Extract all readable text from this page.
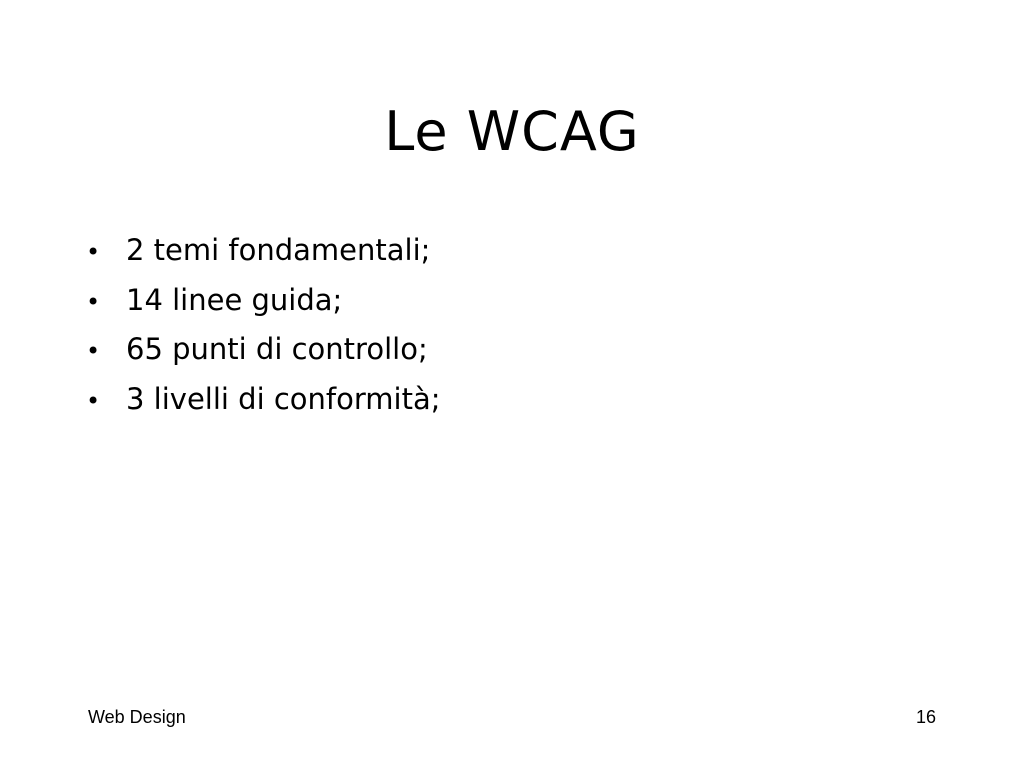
Le WCAG
• 2 temi fondamentali;
• 14 linee guida;
• 65 punti di controllo;
• 3 livelli di conformità;
Web Design	16
